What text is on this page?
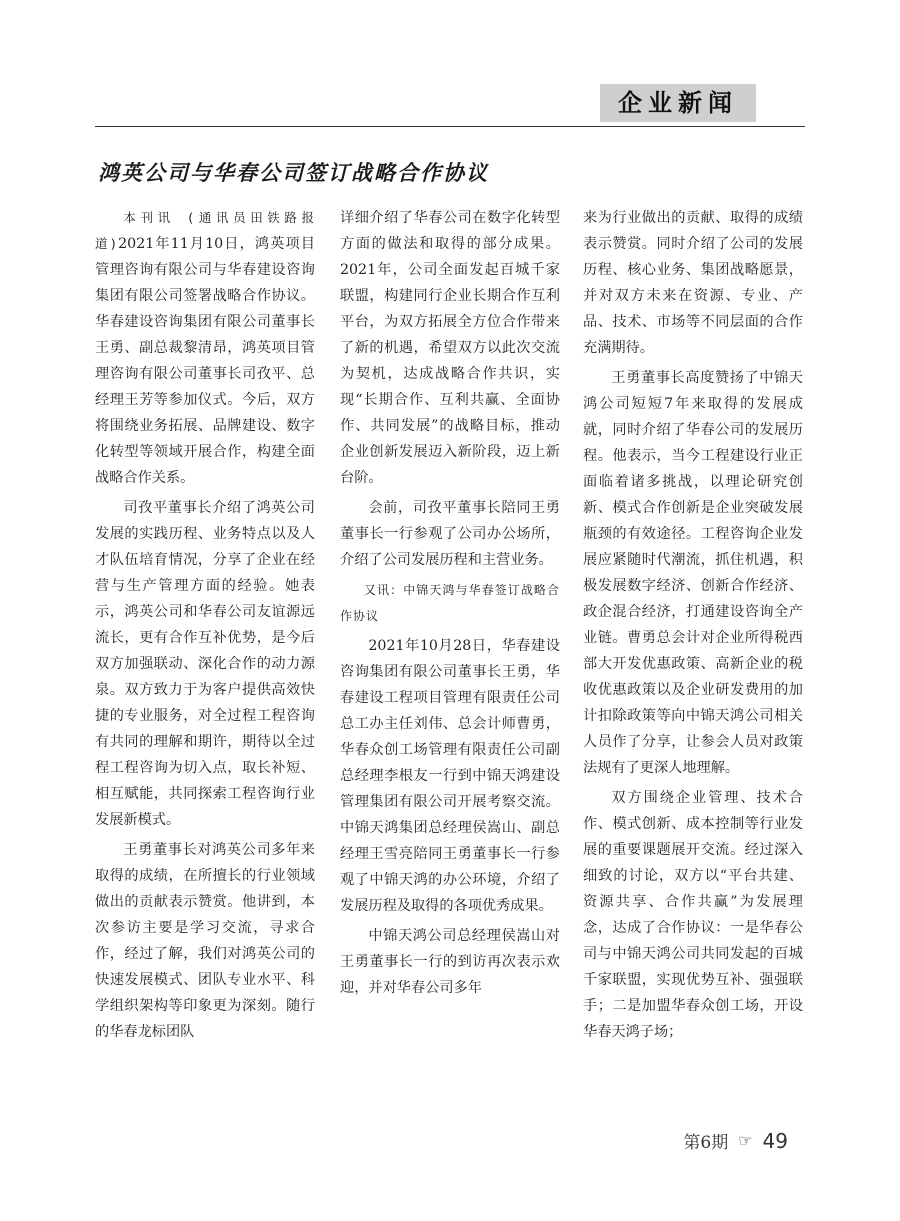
企业新闻
鸿英公司与华春公司签订战略合作协议

本刊讯 (通讯员田铁路报道)2021年11月10日，鸿英项目管理咨询有限公司与华春建设咨询集团有限公司签署战略合作协议。华春建设咨询集团有限公司董事长王勇、副总裁黎清昂，鸿英项目管理咨询有限公司董事长司孜平、总经理王芳等参加仪式。今后，双方将围绕业务拓展、品牌建设、数字化转型等领域开展合作，构建全面战略合作关系。

司孜平董事长介绍了鸿英公司发展的实践历程、业务特点以及人才队伍培育情况，分享了企业在经营与生产管理方面的经验。她表示，鸿英公司和华春公司友谊源远流长，更有合作互补优势，是今后双方加强联动、深化合作的动力源泉。双方致力于为客户提供高效快捷的专业服务，对全过程工程咨询有共同的理解和期许，期待以全过程工程咨询为切入点，取长补短、相互赋能，共同探索工程咨询行业发展新模式。

王勇董事长对鸿英公司多年来取得的成绩，在所擅长的行业领域做出的贡献表示赞赏。他讲到，本次参访主要是学习交流，寻求合作，经过了解，我们对鸿英公司的快速发展模式、团队专业水平、科学组织架构等印象更为深刻。随行的华春龙标团队

详细介绍了华春公司在数字化转型方面的做法和取得的部分成果。2021年，公司全面发起百城千家联盟，构建同行企业长期合作互利平台，为双方拓展全方位合作带来了新的机遇，希望双方以此次交流为契机，达成战略合作共识，实现“长期合作、互利共赢、全面协作、共同发展”的战略目标，推动企业创新发展迈入新阶段，迈上新台阶。

会前，司孜平董事长陪同王勇董事长一行参观了公司办公场所，介绍了公司发展历程和主营业务。

又讯：中锦天鸿与华春签订战略合作协议

2021年10月28日，华春建设咨询集团有限公司董事长王勇，华春建设工程项目管理有限责任公司总工办主任刘伟、总会计师曹勇，华春众创工场管理有限责任公司副总经理李根友一行到中锦天鸿建设管理集团有限公司开展考察交流。中锦天鸿集团总经理侯嵩山、副总经理王雪亮陪同王勇董事长一行参观了中锦天鸿的办公环境，介绍了发展历程及取得的各项优秀成果。

中锦天鸿公司总经理侯嵩山对王勇董事长一行的到访再次表示欢迎，并对华春公司多年

来为行业做出的贡献、取得的成绩表示赞赏。同时介绍了公司的发展历程、核心业务、集团战略愿景，并对双方未来在资源、专业、产品、技术、市场等不同层面的合作充满期待。

王勇董事长高度赞扬了中锦天鸿公司短短7年来取得的发展成就，同时介绍了华春公司的发展历程。他表示，当今工程建设行业正面临着诸多挑战，以理论研究创新、模式合作创新是企业突破发展瓶颈的有效途径。工程咨询企业发展应紧随时代潮流，抓住机遇，积极发展数字经济、创新合作经济、政企混合经济，打通建设咨询全产业链。曹勇总会计对企业所得税西部大开发优惠政策、高新企业的税收优惠政策以及企业研发费用的加计扣除政策等向中锦天鸿公司相关人员作了分享，让参会人员对政策法规有了更深人地理解。

双方围绕企业管理、技术合作、模式创新、成本控制等行业发展的重要课题展开交流。经过深入细致的讨论，双方以“平台共建、资源共享、合作共赢”为发展理念，达成了合作协议：一是华春公司与中锦天鸿公司共同发起的百城千家联盟，实现优势互补、强强联手；二是加盟华春众创工场，开设华春天鸿子场；

第6期 ☞ 49
